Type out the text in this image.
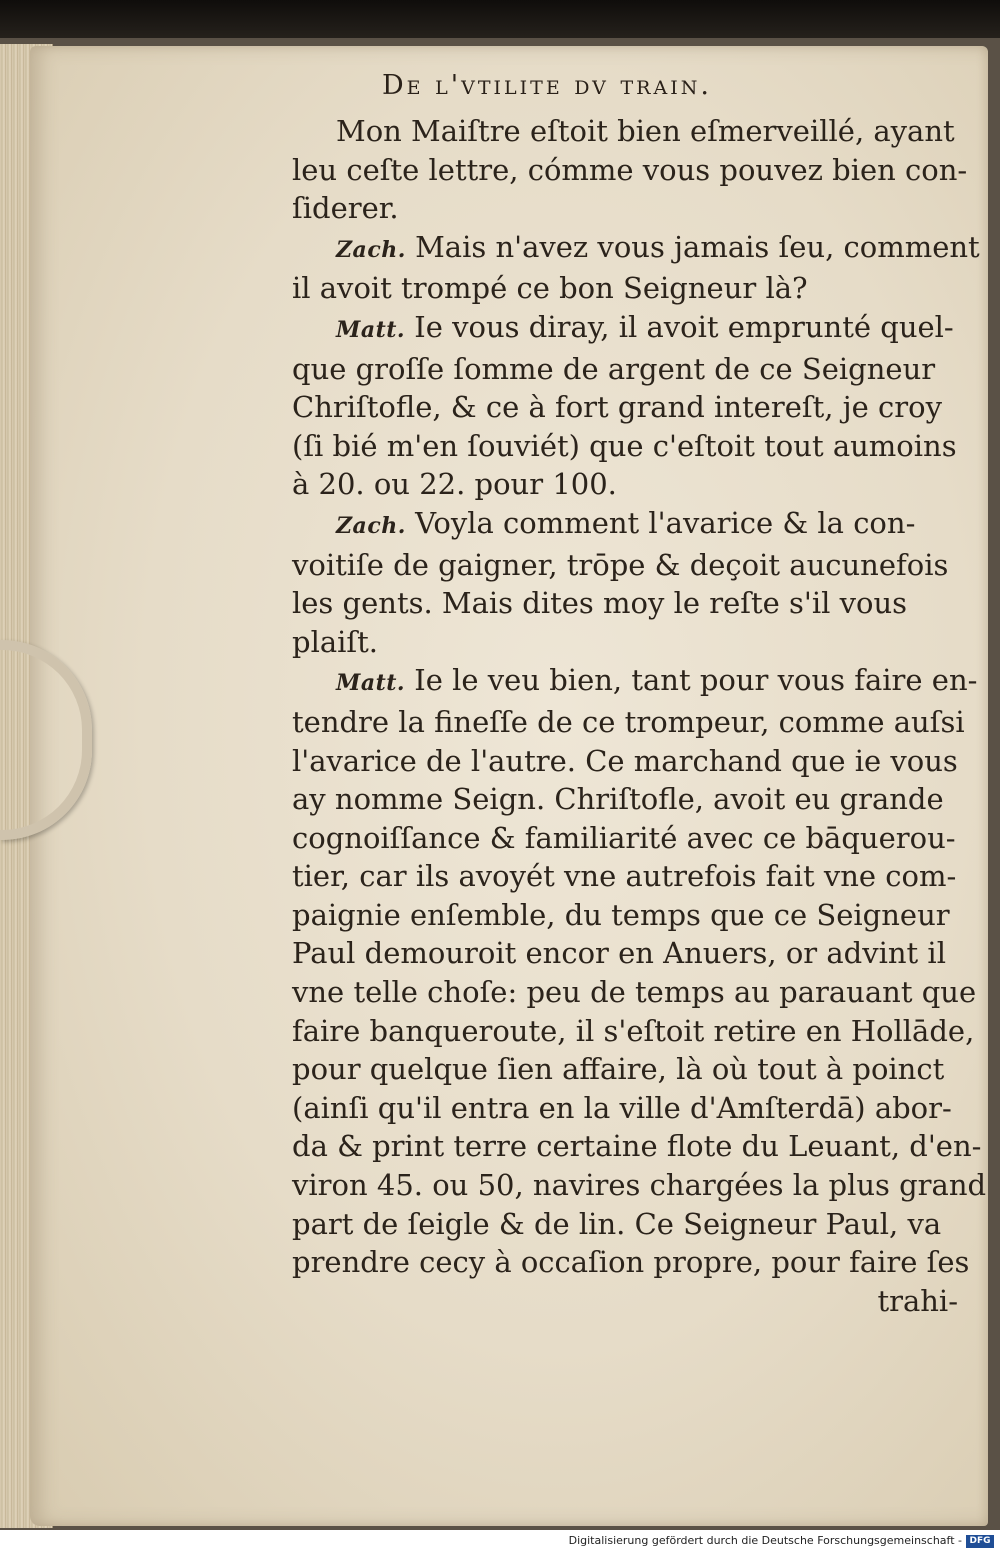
De l'vtilite dv train.
Mon Maiſtre eſtoit bien eſmerveillé, ayant
leu ceſte lettre, cómme vous pouvez bien con-
ſiderer.
Zach. Mais n'avez vous jamais ſeu, comment
il avoit trompé ce bon Seigneur là?
Matt. Ie vous diray, il avoit emprunté quel-
que groſſe ſomme de argent de ce Seigneur
Chriſtofle, & ce à fort grand intereſt, je croy
(ſi bié m'en ſouviét) que c'eſtoit tout aumoins
à 20. ou 22. pour 100.
Zach. Voyla comment l'avarice & la con-
voitiſe de gaigner, trōpe & deçoit aucunefois
les gents. Mais dites moy le reſte s'il vous
plaiſt.
Matt. Ie le veu bien, tant pour vous faire en-
tendre la fineſſe de ce trompeur, comme auſsi
l'avarice de l'autre. Ce marchand que ie vous
ay nomme Seign. Chriſtofle, avoit eu grande
cognoiſſance & familiarité avec ce bāquerou-
tier, car ils avoyét vne autrefois fait vne com-
paignie enſemble, du temps que ce Seigneur
Paul demouroit encor en Anuers, or advint il
vne telle choſe: peu de temps au parauant que
faire banqueroute, il s'eſtoit retire en Hollāde,
pour quelque ſien affaire, là où tout à poinct
(ainſi qu'il entra en la ville d'Amſterdā) abor-
da & print terre certaine flote du Leuant, d'en-
viron 45. ou 50, navires chargées la plus grand
part de ſeigle & de lin. Ce Seigneur Paul, va
prendre cecy à occaſion propre, pour faire ſes
trahi-
Digitalisierung gefördert durch die Deutsche Forschungsgemeinschaft - DFG
